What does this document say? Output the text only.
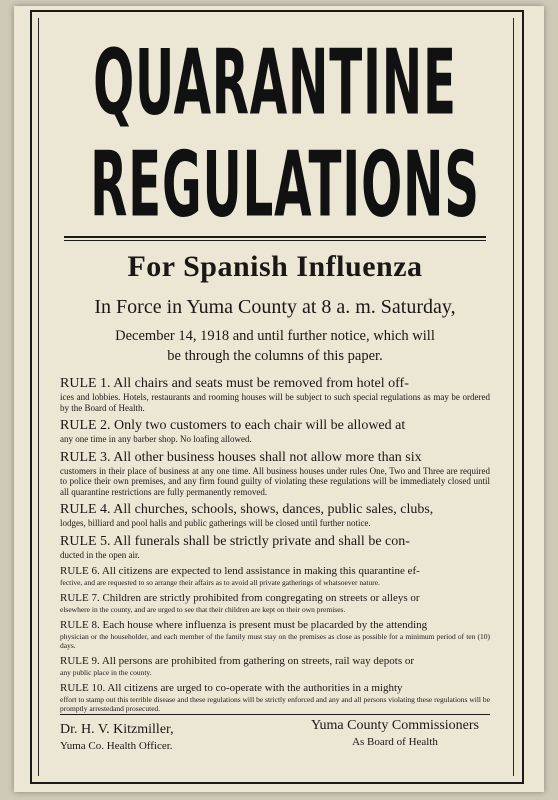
QUARANTINE
REGULATIONS
For Spanish Influenza
In Force in Yuma County at 8 a. m. Saturday,
December 14, 1918 and until further notice, which will
be through the columns of this paper.
RULE 1. All chairs and seats must be removed from hotel off-
ices and lobbies. Hotels, restaurants and rooming houses will be subject to such special regulations as may be ordered by the Board of Health.
RULE 2. Only two customers to each chair will be allowed at
any one time in any barber shop. No loafing allowed.
RULE 3. All other business houses shall not allow more than six
customers in their place of business at any one time. All business houses under rules One, Two and Three are required to police their own premises, and any firm found guilty of violating these regulations will be immediately closed until all quarantine restrictions are fully permanently removed.
RULE 4. All churches, schools, shows, dances, public sales, clubs,
lodges, billiard and pool halls and public gatherings will be closed until further notice.
RULE 5. All funerals shall be strictly private and shall be con-
ducted in the open air.
RULE 6. All citizens are expected to lend assistance in making this quarantine ef-
fective, and are requested to so arrange their affairs as to avoid all private gatherings of whatsoever nature.
RULE 7. Children are strictly prohibited from congregating on streets or alleys or
elsewhere in the county, and are urged to see that their children are kept on their own premises.
RULE 8. Each house where influenza is present must be placarded by the attending
physician or the householder, and each member of the family must stay on the premises as close as possible for a minimum period of ten (10) days.
RULE 9. All persons are prohibited from gathering on streets, rail way depots or
any public place in the county.
RULE 10. All citizens are urged to co-operate with the authorities in a mighty
effort to stamp out this terrible disease and these regulations will be strictly enforced and any and all persons violating these regulations will be promptly arrestedand prosecuted.
Dr. H. V. Kitzmiller,
Yuma Co. Health Officer.
Yuma County Commissioners
As Board of Health
